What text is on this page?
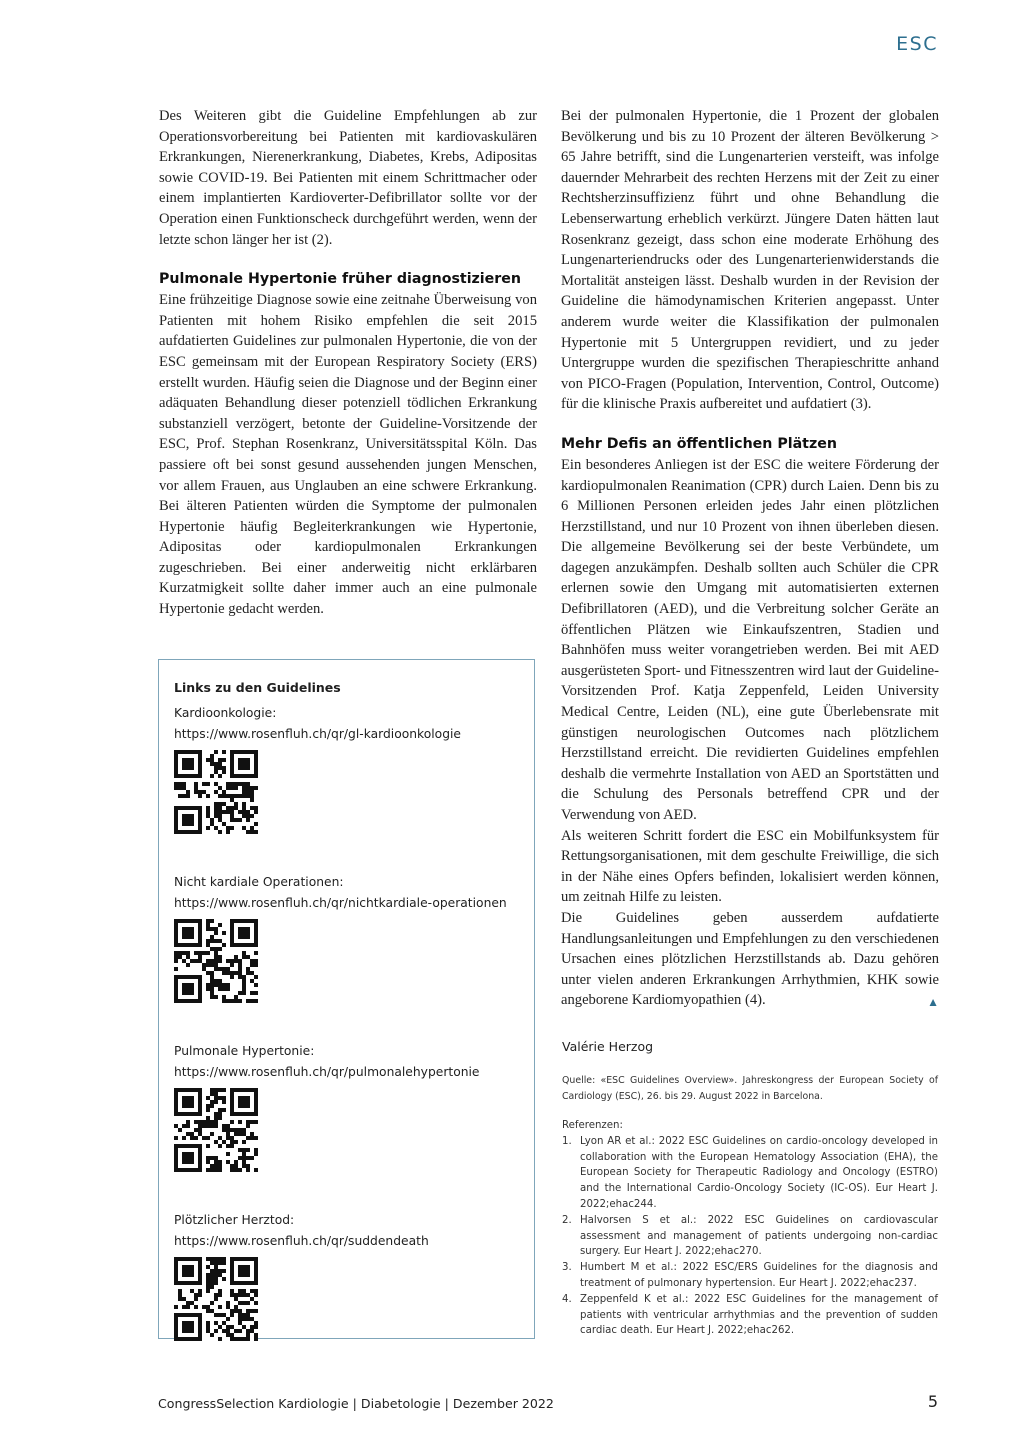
ESC

Des Weiteren gibt die Guideline Empfehlungen ab zur Operationsvorbereitung bei Patienten mit kardiovaskulären Erkrankungen, Nierenerkrankung, Diabetes, Krebs, Adipositas sowie COVID-19. Bei Patienten mit einem Schrittmacher oder einem implantierten Kardioverter-Defibrillator sollte vor der Operation einen Funktionscheck durchgeführt werden, wenn der letzte schon länger her ist (2).

Pulmonale Hypertonie früher diagnostizieren

Eine frühzeitige Diagnose sowie eine zeitnahe Überweisung von Patienten mit hohem Risiko empfehlen die seit 2015 aufdatierten Guidelines zur pulmonalen Hypertonie, die von der ESC gemeinsam mit der European Respiratory Society (ERS) erstellt wurden. Häufig seien die Diagnose und der Beginn einer adäquaten Behandlung dieser potenziell tödlichen Erkrankung substanziell verzögert, betonte der Guideline-Vorsitzende der ESC, Prof. Stephan Rosenkranz, Universitätsspital Köln. Das passiere oft bei sonst gesund aussehenden jungen Menschen, vor allem Frauen, aus Unglauben an eine schwere Erkrankung. Bei älteren Patienten würden die Symptome der pulmonalen Hypertonie häufig Begleiterkrankungen wie Hypertonie, Adipositas oder kardiopulmonalen Erkrankungen zugeschrieben. Bei einer anderweitig nicht erklärbaren Kurzatmigkeit sollte daher immer auch an eine pulmonale Hypertonie gedacht werden.

Links zu den Guidelines
Kardioonkologie:
https://www.rosenfluh.ch/qr/gl-kardioonkologie
Nicht kardiale Operationen:
https://www.rosenfluh.ch/qr/nichtkardiale-operationen
Pulmonale Hypertonie:
https://www.rosenfluh.ch/qr/pulmonalehypertonie
Plötzlicher Herztod:
https://www.rosenfluh.ch/qr/suddendeath

Bei der pulmonalen Hypertonie, die 1 Prozent der globalen Bevölkerung und bis zu 10 Prozent der älteren Bevölkerung > 65 Jahre betrifft, sind die Lungenarterien versteift, was infolge dauernder Mehrarbeit des rechten Herzens mit der Zeit zu einer Rechtsherzinsuffizienz führt und ohne Behandlung die Lebenserwartung erheblich verkürzt. Jüngere Daten hätten laut Rosenkranz gezeigt, dass schon eine moderate Erhöhung des Lungenarteriendrucks oder des Lungenarterienwiderstands die Mortalität ansteigen lässt. Deshalb wurden in der Revision der Guideline die hämodynamischen Kriterien angepasst. Unter anderem wurde weiter die Klassifikation der pulmonalen Hypertonie mit 5 Untergruppen revidiert, und zu jeder Untergruppe wurden die spezifischen Therapieschritte anhand von PICO-Fragen (Population, Intervention, Control, Outcome) für die klinische Praxis aufbereitet und aufdatiert (3).

Mehr Defis an öffentlichen Plätzen

Ein besonderes Anliegen ist der ESC die weitere Förderung der kardiopulmonalen Reanimation (CPR) durch Laien. Denn bis zu 6 Millionen Personen erleiden jedes Jahr einen plötzlichen Herzstillstand, und nur 10 Prozent von ihnen überleben diesen. Die allgemeine Bevölkerung sei der beste Verbündete, um dagegen anzukämpfen. Deshalb sollten auch Schüler die CPR erlernen sowie den Umgang mit automatisierten externen Defibrillatoren (AED), und die Verbreitung solcher Geräte an öffentlichen Plätzen wie Einkaufszentren, Stadien und Bahnhöfen muss weiter vorangetrieben werden. Bei mit AED ausgerüsteten Sport- und Fitnesszentren wird laut der Guideline-Vorsitzenden Prof. Katja Zeppenfeld, Leiden University Medical Centre, Leiden (NL), eine gute Überlebensrate mit günstigen neurologischen Outcomes nach plötzlichem Herzstillstand erreicht. Die revidierten Guidelines empfehlen deshalb die vermehrte Installation von AED an Sportstätten und die Schulung des Personals betreffend CPR und der Verwendung von AED.

Als weiteren Schritt fordert die ESC ein Mobilfunksystem für Rettungsorganisationen, mit dem geschulte Freiwillige, die sich in der Nähe eines Opfers befinden, lokalisiert werden können, um zeitnah Hilfe zu leisten.

Die Guidelines geben ausserdem aufdatierte Handlungsanleitungen und Empfehlungen zu den verschiedenen Ursachen eines plötzlichen Herzstillstands ab. Dazu gehören unter vielen anderen Erkrankungen Arrhythmien, KHK sowie angeborene Kardiomyopathien (4).	▲

Valérie Herzog
Quelle: «ESC Guidelines Overview». Jahreskongress der European Society of Cardiology (ESC), 26. bis 29. August 2022 in Barcelona.
Referenzen:
1. Lyon AR et al.: 2022 ESC Guidelines on cardio-oncology developed in collaboration with the European Hematology Association (EHA), the European Society for Therapeutic Radiology and Oncology (ESTRO) and the International Cardio-Oncology Society (IC-OS). Eur Heart J. 2022;ehac244.
2. Halvorsen S et al.: 2022 ESC Guidelines on cardiovascular assessment and management of patients undergoing non-cardiac surgery. Eur Heart J. 2022;ehac270.
3. Humbert M et al.: 2022 ESC/ERS Guidelines for the diagnosis and treatment of pulmonary hypertension. Eur Heart J. 2022;ehac237.
4. Zeppenfeld K et al.: 2022 ESC Guidelines for the management of patients with ventricular arrhythmias and the prevention of sudden cardiac death. Eur Heart J. 2022;ehac262.
CongressSelection Kardiologie | Diabetologie | Dezember 2022	5
